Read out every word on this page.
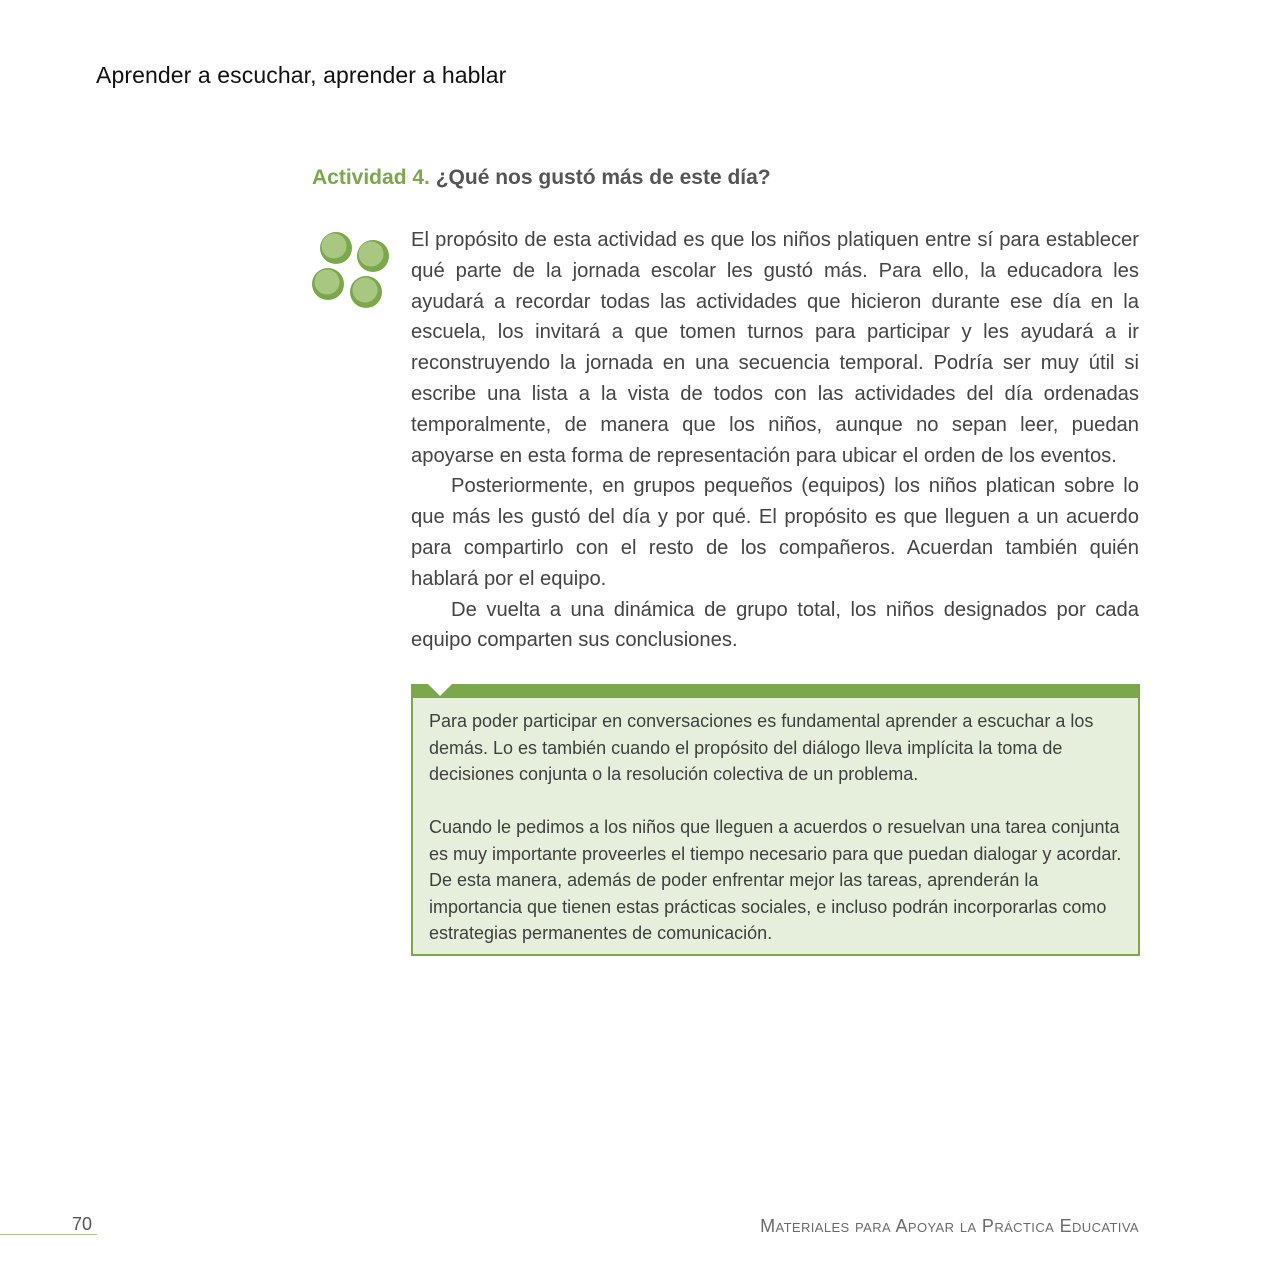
Aprender a escuchar, aprender a hablar
Actividad 4. ¿Qué nos gustó más de este día?

El propósito de esta actividad es que los niños platiquen entre sí para establecer qué parte de la jornada escolar les gustó más. Para ello, la educadora les ayudará a recordar todas las actividades que hicieron durante ese día en la escuela, los invitará a que tomen turnos para participar y les ayudará a ir reconstruyendo la jornada en una secuencia temporal. Podría ser muy útil si escribe una lista a la vista de todos con las actividades del día ordenadas temporalmente, de manera que los niños, aunque no sepan leer, puedan apoyarse en esta forma de representación para ubicar el orden de los eventos.

Posteriormente, en grupos pequeños (equipos) los niños platican sobre lo que más les gustó del día y por qué. El propósito es que lleguen a un acuerdo para compartirlo con el resto de los compañeros. Acuerdan también quién hablará por el equipo.

De vuelta a una dinámica de grupo total, los niños designados por cada equipo comparten sus conclusiones.

Para poder participar en conversaciones es fundamental aprender a escuchar a los demás. Lo es también cuando el propósito del diálogo lleva implícita la toma de decisiones conjunta o la resolución colectiva de un problema.

Cuando le pedimos a los niños que lleguen a acuerdos o resuelvan una tarea conjunta es muy importante proveerles el tiempo necesario para que puedan dialogar y acordar. De esta manera, además de poder enfrentar mejor las tareas, aprenderán la importancia que tienen estas prácticas sociales, e incluso podrán incorporarlas como estrategias permanentes de comunicación.

70	Materiales para Apoyar la Práctica Educativa
